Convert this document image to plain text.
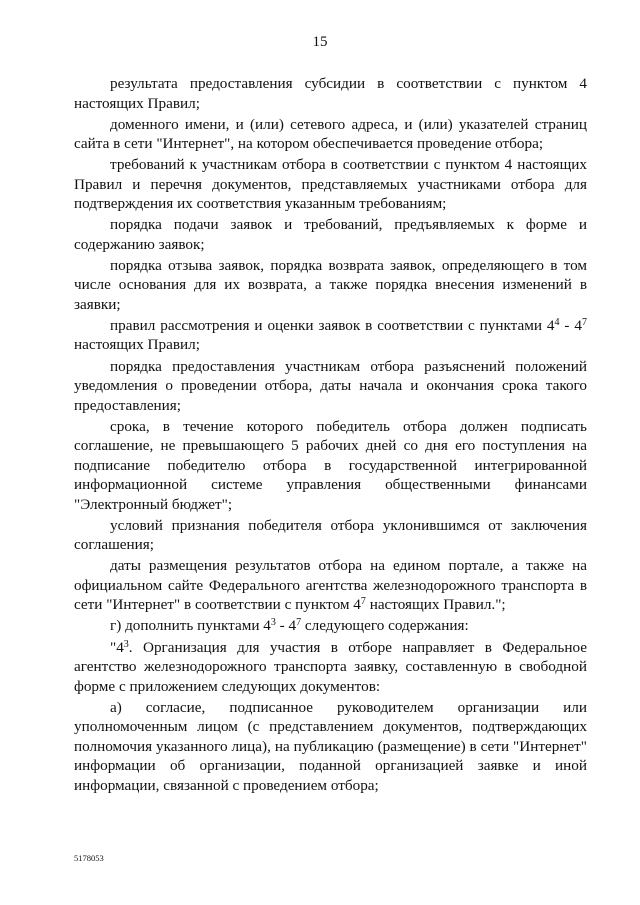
15

результата предоставления субсидии в соответствии с пунктом 4 настоящих Правил;

доменного имени, и (или) сетевого адреса, и (или) указателей страниц сайта в сети "Интернет", на котором обеспечивается проведение отбора;

требований к участникам отбора в соответствии с пунктом 4 настоящих Правил и перечня документов, представляемых участниками отбора для подтверждения их соответствия указанным требованиям;

порядка подачи заявок и требований, предъявляемых к форме и содержанию заявок;

порядка отзыва заявок, порядка возврата заявок, определяющего в том числе основания для их возврата, а также порядка внесения изменений в заявки;

правил рассмотрения и оценки заявок в соответствии с пунктами $4^4 - 4^7$ настоящих Правил;

порядка предоставления участникам отбора разъяснений положений уведомления о проведении отбора, даты начала и окончания срока такого предоставления;

срока, в течение которого победитель отбора должен подписать соглашение, не превышающего 5 рабочих дней со дня его поступления на подписание победителю отбора в государственной интегрированной информационной системе управления общественными финансами "Электронный бюджет";

условий признания победителя отбора уклонившимся от заключения соглашения;

даты размещения результатов отбора на едином портале, а также на официальном сайте Федерального агентства железнодорожного транспорта в сети "Интернет" в соответствии с пунктом $4^7$ настоящих Правил.";

г) дополнить пунктами $4^3 - 4^7$ следующего содержания:

"$4^3$. Организация для участия в отборе направляет в Федеральное агентство железнодорожного транспорта заявку, составленную в свободной форме с приложением следующих документов:

а) согласие, подписанное руководителем организации или уполномоченным лицом (с представлением документов, подтверждающих полномочия указанного лица), на публикацию (размещение) в сети "Интернет" информации об организации, поданной организацией заявке и иной информации, связанной с проведением отбора;

5178053
